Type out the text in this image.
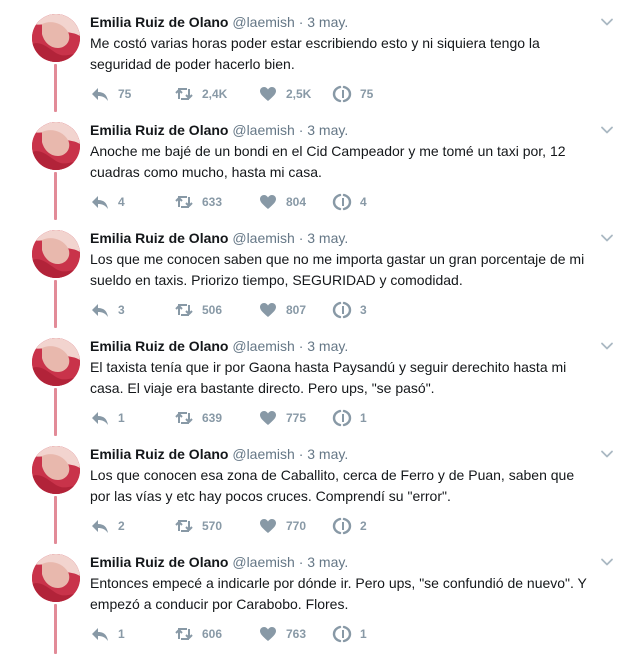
Emilia Ruiz de Olano @laemish · 3 may.
Me costó varias horas poder estar escribiendo esto y ni siquiera tengo la
seguridad de poder hacerlo bien.
75	2,4K	2,5K	75
Emilia Ruiz de Olano @laemish · 3 may.
Anoche me bajé de un bondi en el Cid Campeador y me tomé un taxi por, 12
cuadras como mucho, hasta mi casa.
4	633	804	4
Emilia Ruiz de Olano @laemish · 3 may.
Los que me conocen saben que no me importa gastar un gran porcentaje de mi
sueldo en taxis. Priorizo tiempo, SEGURIDAD y comodidad.
3	506	807	3
Emilia Ruiz de Olano @laemish · 3 may.
El taxista tenía que ir por Gaona hasta Paysandú y seguir derechito hasta mi
casa. El viaje era bastante directo. Pero ups, "se pasó".
1	639	775	1
Emilia Ruiz de Olano @laemish · 3 may.
Los que conocen esa zona de Caballito, cerca de Ferro y de Puan, saben que
por las vías y etc hay pocos cruces. Comprendí su "error".
2	570	770	2
Emilia Ruiz de Olano @laemish · 3 may.
Entonces empecé a indicarle por dónde ir. Pero ups, "se confundió de nuevo". Y
empezó a conducir por Carabobo. Flores.
1	606	763	1
